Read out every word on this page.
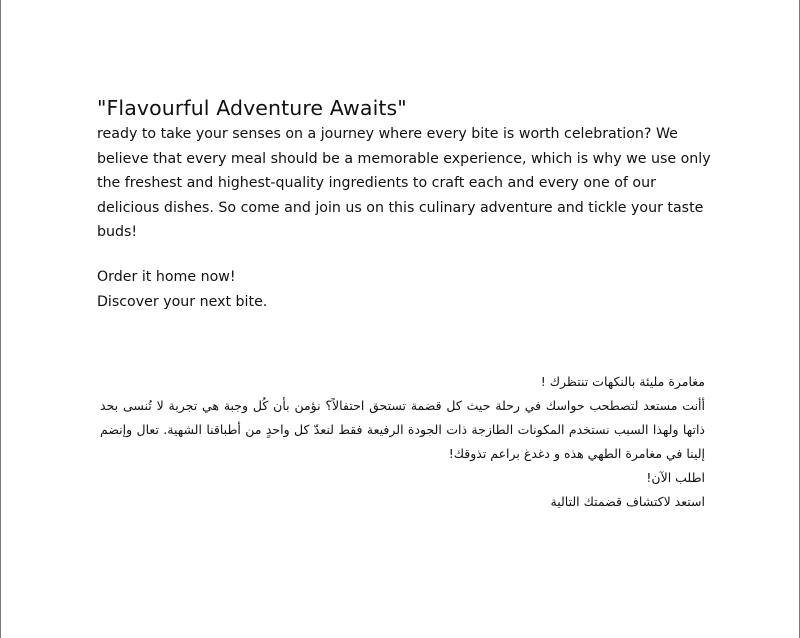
"Flavourful Adventure Awaits"

ready to take your senses on a journey where every bite is worth celebration? We believe that every meal should be a memorable experience, which is why we use only the freshest and highest-quality ingredients to craft each and every one of our delicious dishes. So come and join us on this culinary adventure and tickle your taste buds!

Order it home now!

Discover your next bite.

مغامرة مليئة بالنكهات تنتظرك !

أأنت مستعد لتصطحب حواسك في رحلة حيث كل قضمة تستحق احتفالاً؟ نؤمن بأن كُل وجبة هي تجربة لا تُنسى بحد ذاتها ولهذا السبب نستخدم المكونات الطازجة ذات الجودة الرفيعة فقط لنعدّ كل واحدٍ من أطباقنا الشهية. تعال وإنضم إلينا في مغامرة الطهي هذه و دغدغ براعم تذوقك!

اطلب الآن!

استعد لاكتشاف قضمتك التالية
